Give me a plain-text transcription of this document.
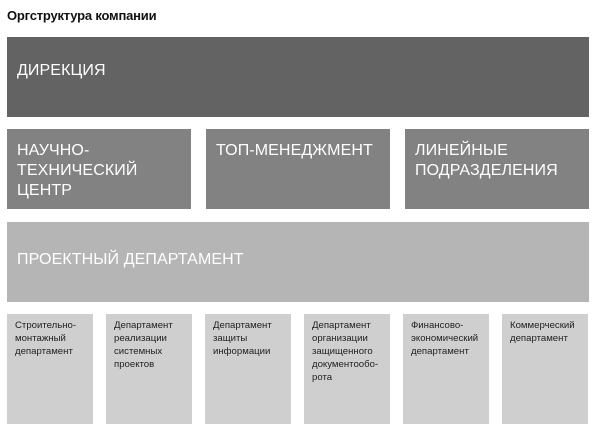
Оргструктура компании
ДИРЕКЦИЯ
НАУЧНО-
ТЕХНИЧЕСКИЙ
ЦЕНТР
ТОП-МЕНЕДЖМЕНТ	ЛИНЕЙНЫЕ
ПОДРАЗДЕЛЕНИЯ
ПРОЕКТНЫЙ ДЕПАРТАМЕНТ
Строительно-
монтажный
департамент
Департамент
реализации
системных
проектов
Департамент
защиты
информации
Департамент
организации
защищенного
документообо-
рота
Финансово-
экономический
департамент
Коммерческий
департамент
